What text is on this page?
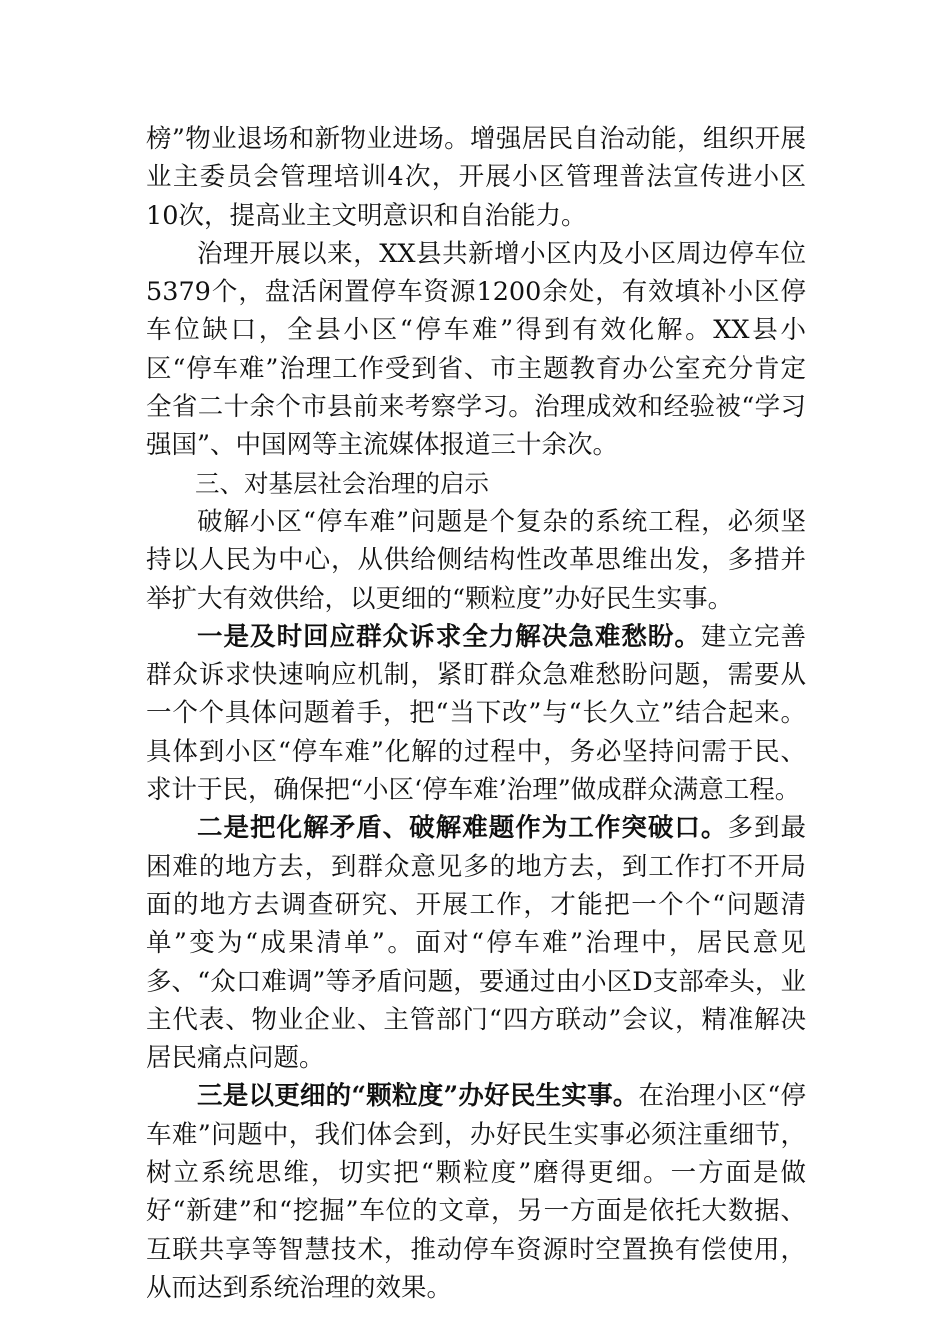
榜”物业退场和新物业进场。增强居民自治动能，组织开展业主委员会管理培训4次，开展小区管理普法宣传进小区10次，提高业主文明意识和自治能力。

治理开展以来，XX县共新增小区内及小区周边停车位5379个，盘活闲置停车资源1200余处，有效填补小区停车位缺口，全县小区“停车难”得到有效化解。XX县小区“停车难”治理工作受到省、市主题教育办公室充分肯定全省二十余个市县前来考察学习。治理成效和经验被“学习强国”、中国网等主流媒体报道三十余次。

三、对基层社会治理的启示

破解小区“停车难”问题是个复杂的系统工程，必须坚持以人民为中心，从供给侧结构性改革思维出发，多措并举扩大有效供给，以更细的“颗粒度”办好民生实事。

一是及时回应群众诉求全力解决急难愁盼。建立完善群众诉求快速响应机制，紧盯群众急难愁盼问题，需要从一个个具体问题着手，把“当下改”与“长久立”结合起来。具体到小区“停车难”化解的过程中，务必坚持问需于民、求计于民，确保把“小区‘停车难’治理”做成群众满意工程。

二是把化解矛盾、破解难题作为工作突破口。多到最困难的地方去，到群众意见多的地方去，到工作打不开局面的地方去调查研究、开展工作，才能把一个个“问题清单”变为“成果清单”。面对“停车难”治理中，居民意见多、“众口难调”等矛盾问题，要通过由小区D支部牵头，业主代表、物业企业、主管部门“四方联动”会议，精准解决居民痛点问题。

三是以更细的“颗粒度”办好民生实事。在治理小区“停车难”问题中，我们体会到，办好民生实事必须注重细节，树立系统思维，切实把“颗粒度”磨得更细。一方面是做好“新建”和“挖掘”车位的文章，另一方面是依托大数据、互联共享等智慧技术，推动停车资源时空置换有偿使用，从而达到系统治理的效果。
